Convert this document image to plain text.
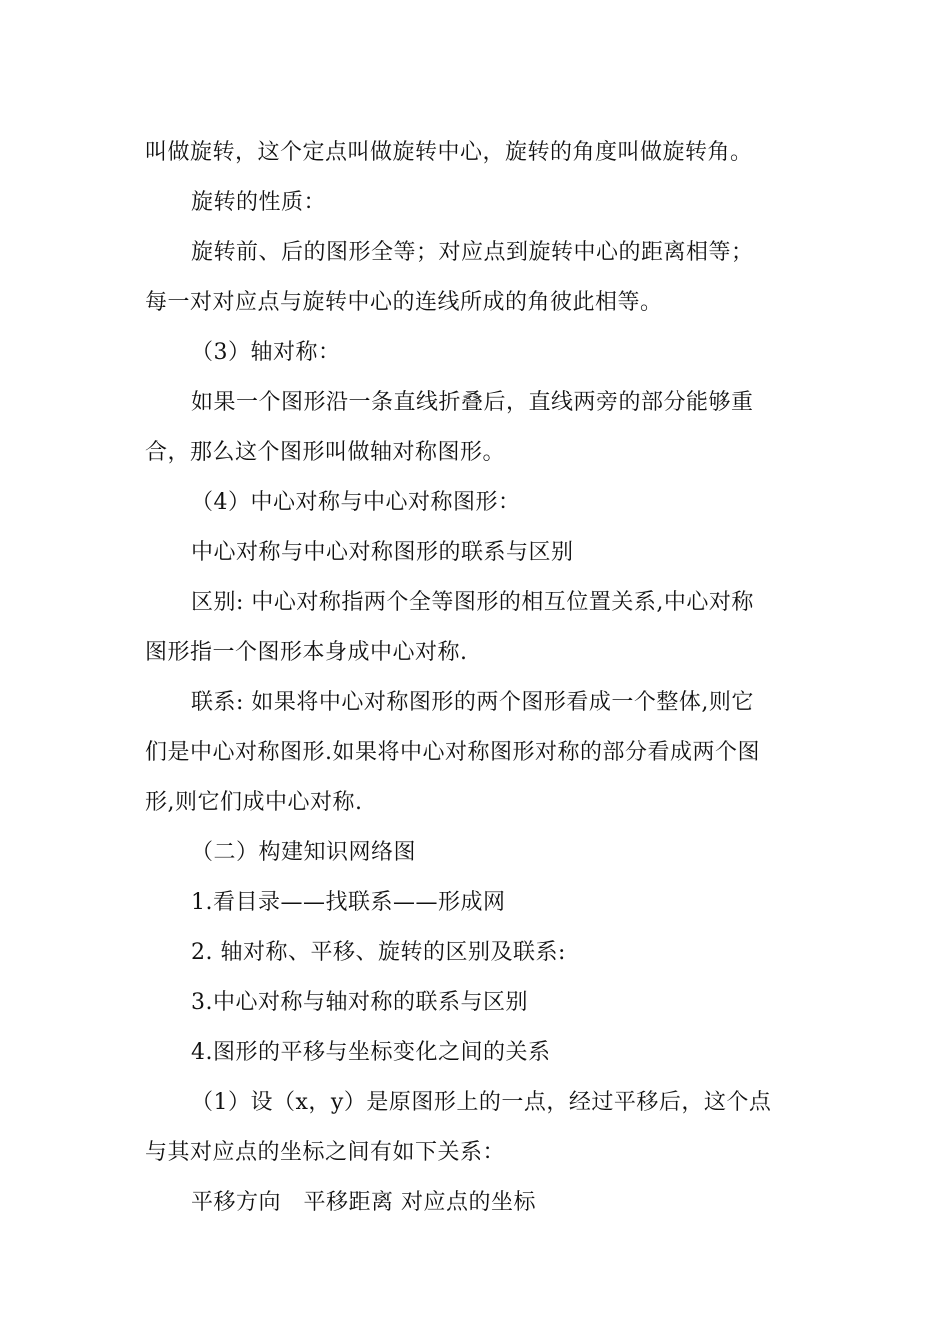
叫做旋转，这个定点叫做旋转中心，旋转的角度叫做旋转角。
旋转的性质：
旋转前、后的图形全等；对应点到旋转中心的距离相等；
每一对对应点与旋转中心的连线所成的角彼此相等。
（3）轴对称：
如果一个图形沿一条直线折叠后，直线两旁的部分能够重
合，那么这个图形叫做轴对称图形。
（4）中心对称与中心对称图形：
中心对称与中心对称图形的联系与区别
区别: 中心对称指两个全等图形的相互位置关系,中心对称
图形指一个图形本身成中心对称.
联系: 如果将中心对称图形的两个图形看成一个整体,则它
们是中心对称图形.如果将中心对称图形对称的部分看成两个图
形,则它们成中心对称.
（二）构建知识网络图
1.看目录——找联系——形成网
2. 轴对称、平移、旋转的区别及联系:
3.中心对称与轴对称的联系与区别
4.图形的平移与坐标变化之间的关系
（1）设（x，y）是原图形上的一点，经过平移后，这个点
与其对应点的坐标之间有如下关系：
平移方向　平移距离 对应点的坐标
